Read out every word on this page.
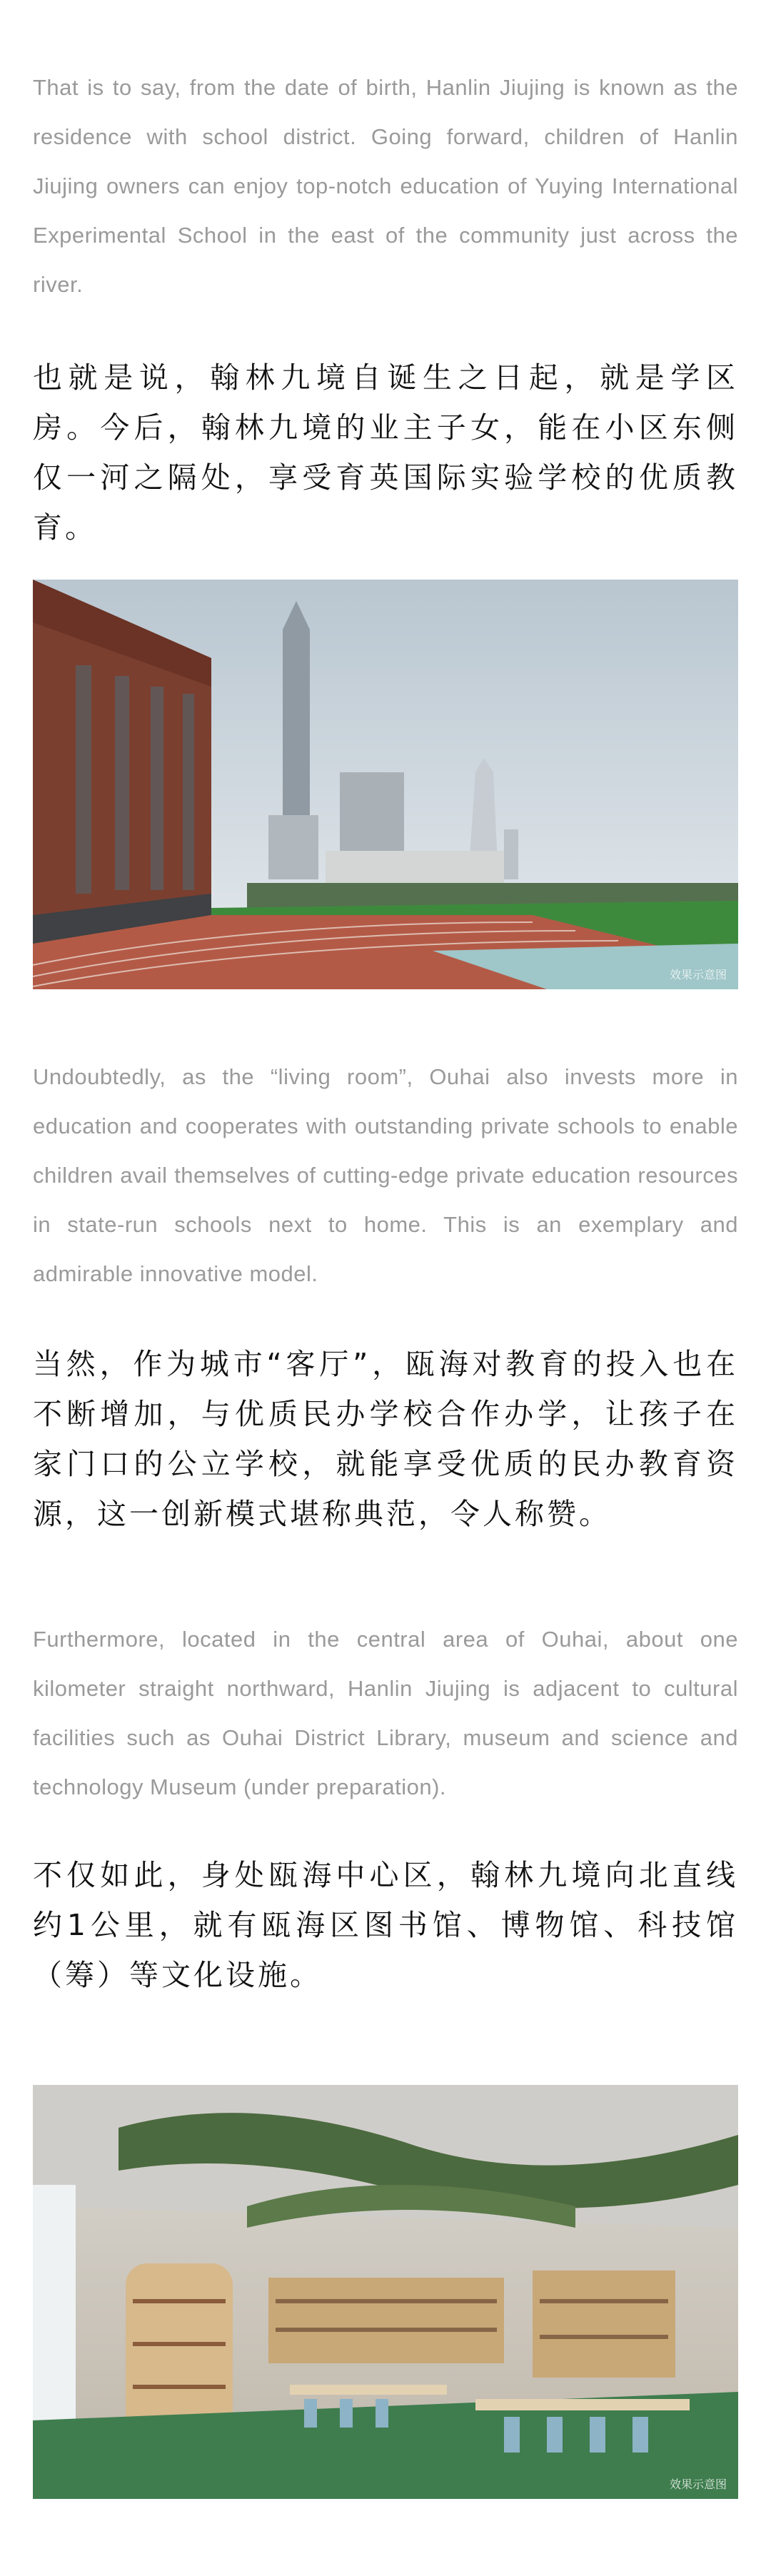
That is to say, from the date of birth, Hanlin Jiujing is known as the residence with school district. Going forward, children of Hanlin Jiujing owners can enjoy top-notch education of Yuying International Experimental School in the east of the community just across the river.

也就是说，翰林九境自诞生之日起，就是学区房。今后，翰林九境的业主子女，能在小区东侧仅一河之隔处，享受育英国际实验学校的优质教育。

效果示意图

Undoubtedly, as the “living room”, Ouhai also invests more in education and cooperates with outstanding private schools to enable children avail themselves of cutting-edge private education resources in state-run schools next to home. This is an exemplary and admirable innovative model.

当然，作为城市“客厅”，瓯海对教育的投入也在不断增加，与优质民办学校合作办学，让孩子在家门口的公立学校，就能享受优质的民办教育资源，这一创新模式堪称典范，令人称赞。

Furthermore, located in the central area of Ouhai, about one kilometer straight northward, Hanlin Jiujing is adjacent to cultural facilities such as Ouhai District Library, museum and science and technology Museum (under preparation).

不仅如此，身处瓯海中心区，翰林九境向北直线约1公里，就有瓯海区图书馆、博物馆、科技馆（筹）等文化设施。

效果示意图
